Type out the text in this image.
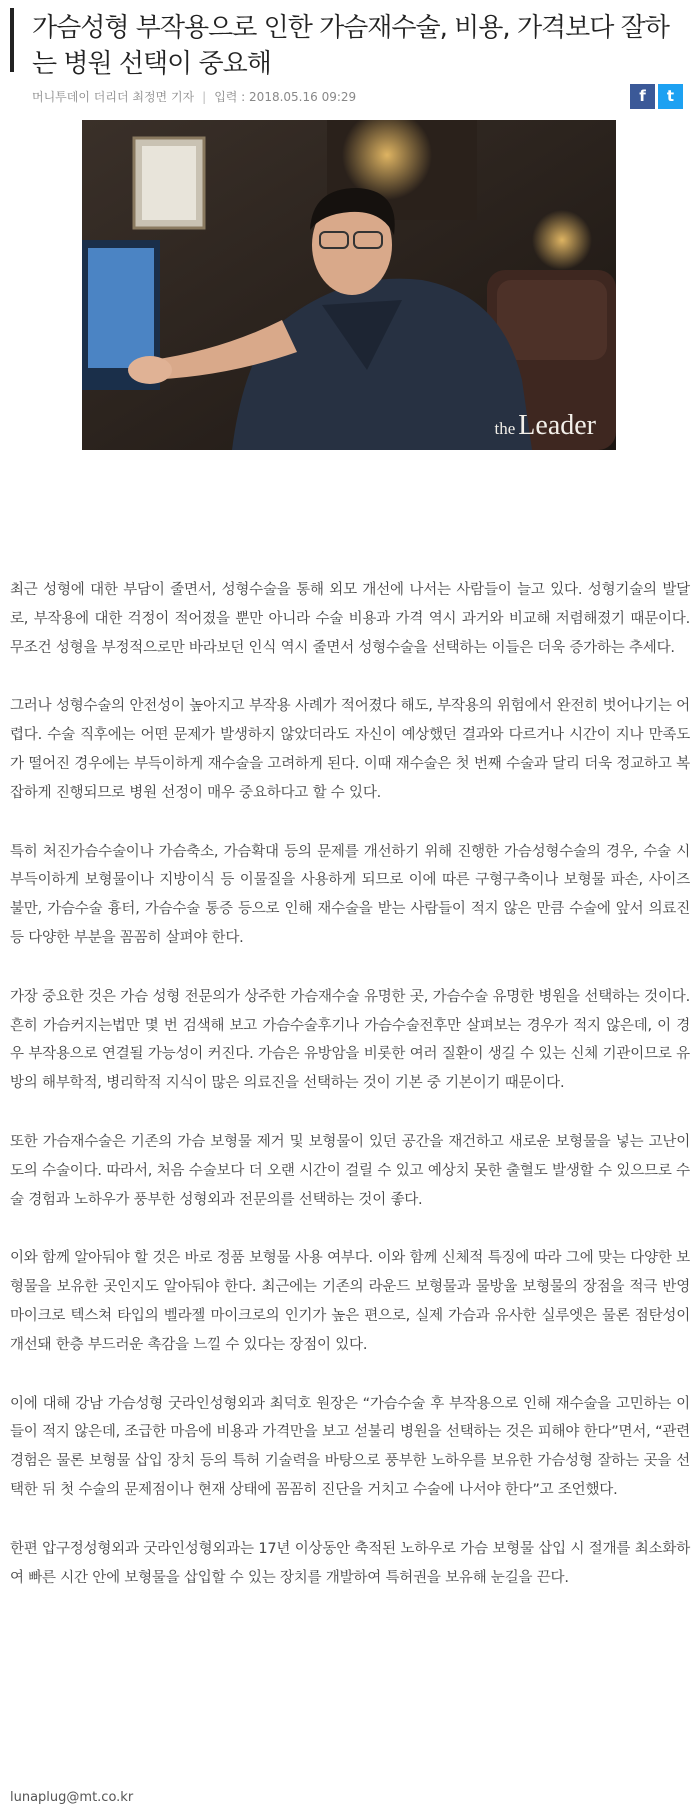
가슴성형 부작용으로 인한 가슴재수술, 비용, 가격보다 잘하는 병원 선택이 중요해
머니투데이 더리더 최정면 기자 | 입력 : 2018.05.16 09:29	f	t
the Leader

최근 성형에 대한 부담이 줄면서, 성형수술을 통해 외모 개선에 나서는 사람들이 늘고 있다. 성형기술의 발달로, 부작용에 대한 걱정이 적어졌을 뿐만 아니라 수술 비용과 가격 역시 과거와 비교해 저렴해졌기 때문이다. 무조건 성형을 부정적으로만 바라보던 인식 역시 줄면서 성형수술을 선택하는 이들은 더욱 증가하는 추세다.

그러나 성형수술의 안전성이 높아지고 부작용 사례가 적어졌다 해도, 부작용의 위험에서 완전히 벗어나기는 어렵다. 수술 직후에는 어떤 문제가 발생하지 않았더라도 자신이 예상했던 결과와 다르거나 시간이 지나 만족도가 떨어진 경우에는 부득이하게 재수술을 고려하게 된다. 이때 재수술은 첫 번째 수술과 달리 더욱 정교하고 복잡하게 진행되므로 병원 선정이 매우 중요하다고 할 수 있다.

특히 처진가슴수술이나 가슴축소, 가슴확대 등의 문제를 개선하기 위해 진행한 가슴성형수술의 경우, 수술 시 부득이하게 보형물이나 지방이식 등 이물질을 사용하게 되므로 이에 따른 구형구축이나 보형물 파손, 사이즈 불만, 가슴수술 흉터, 가슴수술 통증 등으로 인해 재수술을 받는 사람들이 적지 않은 만큼 수술에 앞서 의료진 등 다양한 부분을 꼼꼼히 살펴야 한다.

가장 중요한 것은 가슴 성형 전문의가 상주한 가슴재수술 유명한 곳, 가슴수술 유명한 병원을 선택하는 것이다. 흔히 가슴커지는법만 몇 번 검색해 보고 가슴수술후기나 가슴수술전후만 살펴보는 경우가 적지 않은데, 이 경우 부작용으로 연결될 가능성이 커진다. 가슴은 유방암을 비롯한 여러 질환이 생길 수 있는 신체 기관이므로 유방의 해부학적, 병리학적 지식이 많은 의료진을 선택하는 것이 기본 중 기본이기 때문이다.

또한 가슴재수술은 기존의 가슴 보형물 제거 및 보형물이 있던 공간을 재건하고 새로운 보형물을 넣는 고난이도의 수술이다. 따라서, 처음 수술보다 더 오랜 시간이 걸릴 수 있고 예상치 못한 출혈도 발생할 수 있으므로 수술 경험과 노하우가 풍부한 성형외과 전문의를 선택하는 것이 좋다.

이와 함께 알아둬야 할 것은 바로 정품 보형물 사용 여부다. 이와 함께 신체적 특징에 따라 그에 맞는 다양한 보형물을 보유한 곳인지도 알아둬야 한다. 최근에는 기존의 라운드 보형물과 물방울 보형물의 장점을 적극 반영 마이크로 텍스쳐 타입의 벨라젤 마이크로의 인기가 높은 편으로, 실제 가슴과 유사한 실루엣은 물론 점탄성이 개선돼 한층 부드러운 촉감을 느낄 수 있다는 장점이 있다.

이에 대해 강남 가슴성형 굿라인성형외과 최덕호 원장은 “가슴수술 후 부작용으로 인해 재수술을 고민하는 이들이 적지 않은데, 조급한 마음에 비용과 가격만을 보고 섣불리 병원을 선택하는 것은 피해야 한다”면서, “관련 경험은 물론 보형물 삽입 장치 등의 특허 기술력을 바탕으로 풍부한 노하우를 보유한 가슴성형 잘하는 곳을 선택한 뒤 첫 수술의 문제점이나 현재 상태에 꼼꼼히 진단을 거치고 수술에 나서야 한다”고 조언했다.

한편 압구정성형외과 굿라인성형외과는 17년 이상동안 축적된 노하우로 가슴 보형물 삽입 시 절개를 최소화하여 빠른 시간 안에 보형물을 삽입할 수 있는 장치를 개발하여 특허권을 보유해 눈길을 끈다.

lunaplug@mt.co.kr
